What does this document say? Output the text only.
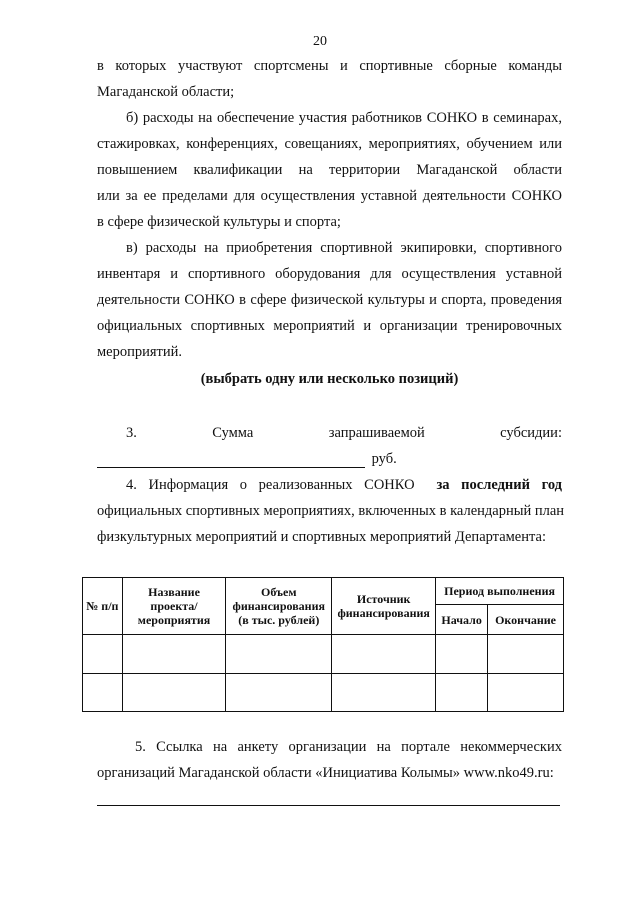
20
в которых участвуют спортсмены и спортивные сборные команды
Магаданской области;
б) расходы на обеспечение участия работников СОНКО в семинарах,
стажировках, конференциях, совещаниях, мероприятиях, обучением или
повышением квалификации на территории Магаданской области
или за ее пределами для осуществления уставной деятельности СОНКО
в сфере физической культуры и спорта;
в) расходы на приобретения спортивной экипировки, спортивного
инвентаря и спортивного оборудования для осуществления уставной
деятельности СОНКО в сфере физической культуры и спорта, проведения
официальных спортивных мероприятий и организации тренировочных
мероприятий.
(выбрать одну или несколько позиций)
3.	Сумма	запрашиваемой	субсидии:
руб.
4. Информация о реализованных СОНКО за последний год
официальных спортивных мероприятиях, включенных в календарный план
физкультурных мероприятий и спортивных мероприятий Департамента:
№ п/п	Название проекта/ мероприятия	Объем финансирования (в тыс. рублей)	Источник финансирования	Период выполнения	
				Начало	Окончание

5. Ссылка на анкету организации на портале некоммерческих
организаций Магаданской области «Инициатива Колымы» www.nko49.ru:
